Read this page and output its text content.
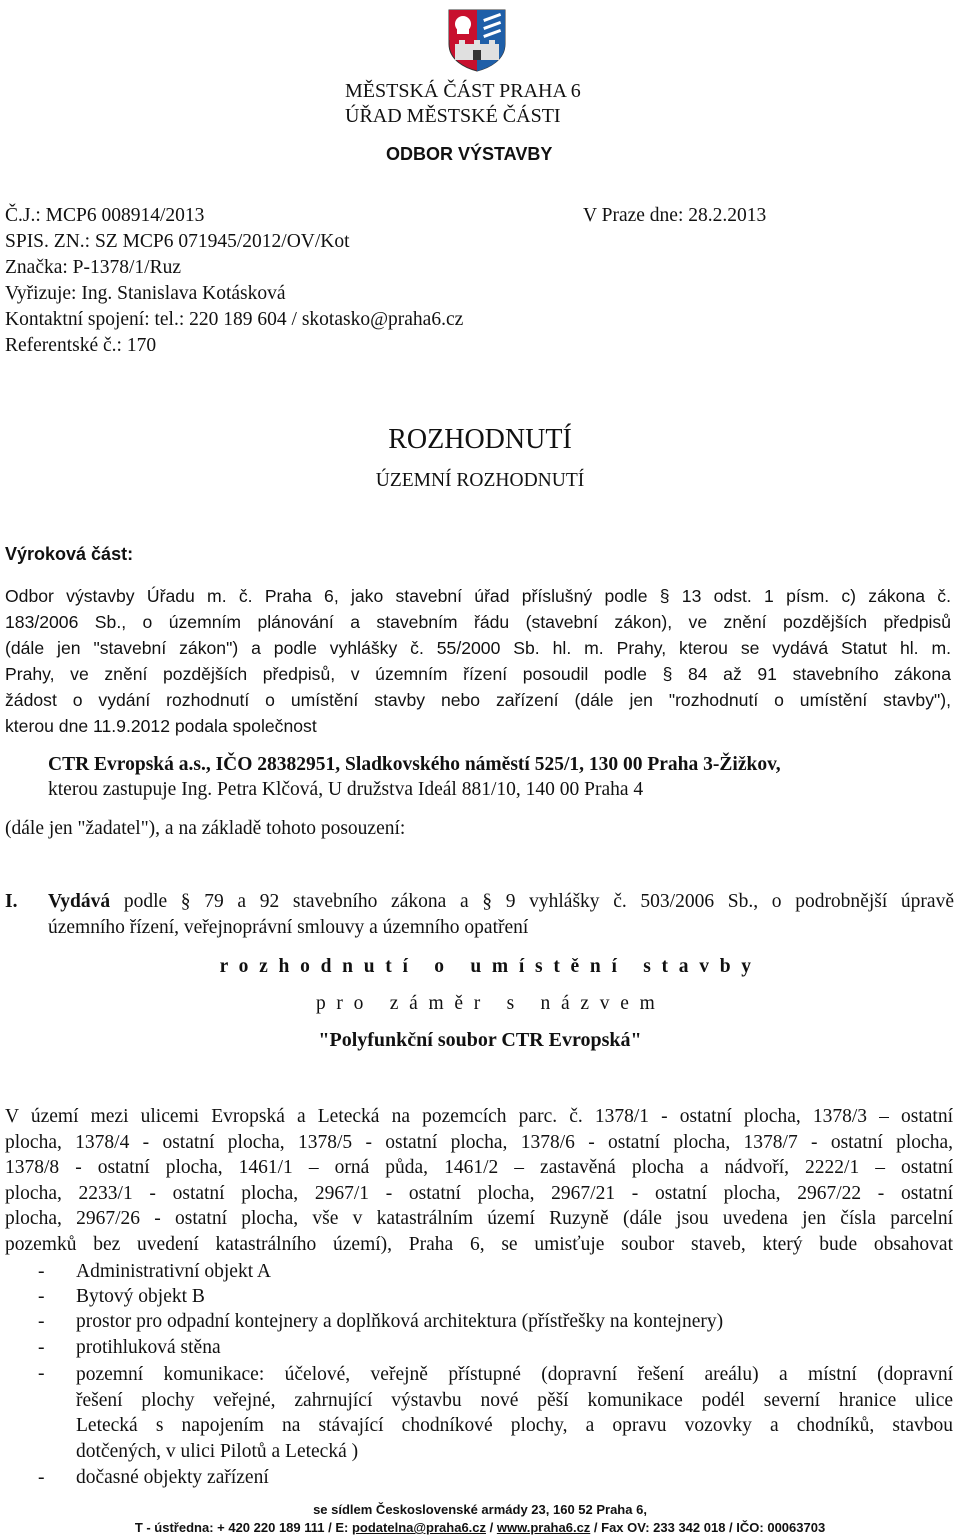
MĚSTSKÁ ČÁST PRAHA 6
ÚŘAD MĚSTSKÉ ČÁSTI
ODBOR VÝSTAVBY
Č.J.: MCP6 008914/2013	V Praze dne: 28.2.2013
SPIS. ZN.: SZ MCP6 071945/2012/OV/Kot
Značka: P-1378/1/Ruz
Vyřizuje: Ing. Stanislava Kotásková
Kontaktní spojení: tel.: 220 189 604 / skotasko@praha6.cz
Referentské č.: 170
ROZHODNUTÍ
ÚZEMNÍ ROZHODNUTÍ
Výroková část:
Odbor výstavby Úřadu m. č. Praha 6, jako stavební úřad příslušný podle § 13 odst. 1 písm. c) zákona č.
183/2006 Sb., o územním plánování a stavebním řádu (stavební zákon), ve znění pozdějších předpisů
(dále jen "stavební zákon") a podle vyhlášky č. 55/2000 Sb. hl. m. Prahy, kterou se vydává Statut hl. m.
Prahy, ve znění pozdějších předpisů, v územním řízení posoudil podle § 84 až 91 stavebního zákona
žádost o vydání rozhodnutí o umístění stavby nebo zařízení (dále jen "rozhodnutí o umístění stavby"),
kterou dne 11.9.2012 podala společnost
CTR Evropská a.s., IČO 28382951, Sladkovského náměstí 525/1, 130 00 Praha 3-Žižkov,
kterou zastupuje Ing. Petra Klčová, U družstva Ideál 881/10, 140 00 Praha 4
(dále jen "žadatel"), a na základě tohoto posouzení:
I. Vydává podle § 79 a 92 stavebního zákona a § 9 vyhlášky č. 503/2006 Sb., o podrobnější úpravě
územního řízení, veřejnoprávní smlouvy a územního opatření
rozhodnutí o umístění stavby
pro záměr s názvem
"Polyfunkční soubor CTR Evropská"
V území mezi ulicemi Evropská a Letecká na pozemcích parc. č. 1378/1 - ostatní plocha, 1378/3 – ostatní
plocha, 1378/4 - ostatní plocha, 1378/5 - ostatní plocha, 1378/6 - ostatní plocha, 1378/7 - ostatní plocha,
1378/8 - ostatní plocha, 1461/1 – orná půda, 1461/2 – zastavěná plocha a nádvoří, 2222/1 – ostatní
plocha, 2233/1 - ostatní plocha, 2967/1 - ostatní plocha, 2967/21 - ostatní plocha, 2967/22 - ostatní
plocha, 2967/26 - ostatní plocha, vše v katastrálním území Ruzyně (dále jsou uvedena jen čísla parcelní
pozemků bez uvedení katastrálního území), Praha 6, se umisťuje soubor staveb, který bude obsahovat
- Administrativní objekt A
- Bytový objekt B
- prostor pro odpadní kontejnery a doplňková architektura (přístřešky na kontejnery)
- protihluková stěna
- pozemní komunikace: účelové, veřejně přístupné (dopravní řešení areálu) a místní (dopravní
řešení plochy veřejné, zahrnující výstavbu nové pěší komunikace podél severní hranice ulice
Letecká s napojením na stávající chodníkové plochy, a opravu vozovky a chodníků, stavbou
dotčených, v ulici Pilotů a Letecká )
- dočasné objekty zařízení
se sídlem Československé armády 23, 160 52 Praha 6,
T - ústředna: + 420 220 189 111 / E: podatelna@praha6.cz / www.praha6.cz / Fax OV: 233 342 018 / IČO: 00063703
